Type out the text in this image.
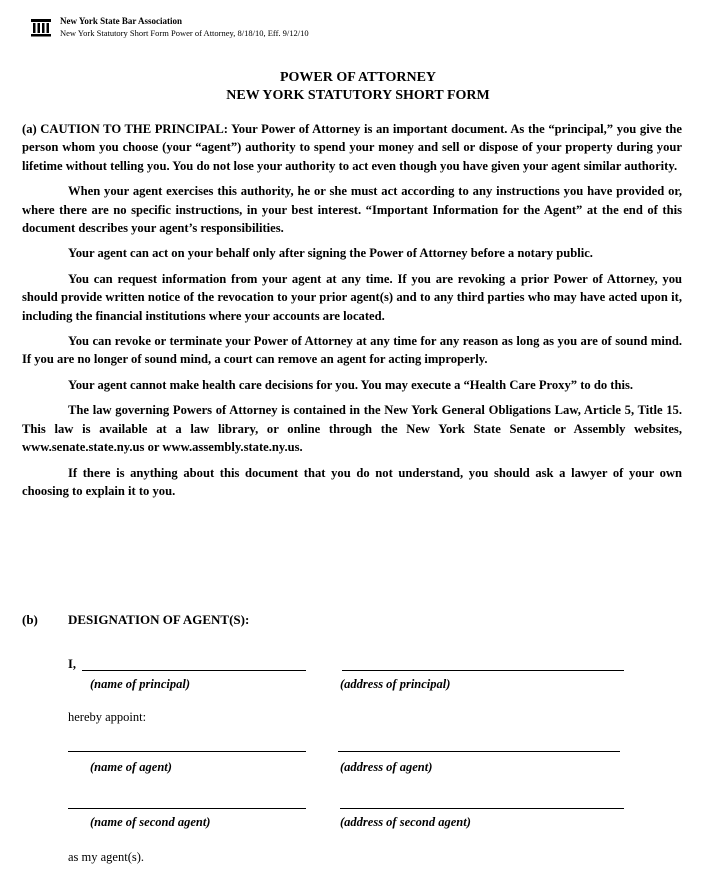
New York State Bar Association
New York Statutory Short Form Power of Attorney, 8/18/10, Eff. 9/12/10
POWER OF ATTORNEY
NEW YORK STATUTORY SHORT FORM

(a) CAUTION TO THE PRINCIPAL: Your Power of Attorney is an important document. As the “principal,” you give the person whom you choose (your “agent”) authority to spend your money and sell or dispose of your property during your lifetime without telling you. You do not lose your authority to act even though you have given your agent similar authority.

When your agent exercises this authority, he or she must act according to any instructions you have provided or, where there are no specific instructions, in your best interest. “Important Information for the Agent” at the end of this document describes your agent’s responsibilities.

Your agent can act on your behalf only after signing the Power of Attorney before a notary public.

You can request information from your agent at any time. If you are revoking a prior Power of Attorney, you should provide written notice of the revocation to your prior agent(s) and to any third parties who may have acted upon it, including the financial institutions where your accounts are located.

You can revoke or terminate your Power of Attorney at any time for any reason as long as you are of sound mind. If you are no longer of sound mind, a court can remove an agent for acting improperly.

Your agent cannot make health care decisions for you. You may execute a “Health Care Proxy” to do this.

The law governing Powers of Attorney is contained in the New York General Obligations Law, Article 5, Title 15. This law is available at a law library, or online through the New York State Senate or Assembly websites, www.senate.state.ny.us or www.assembly.state.ny.us.

If there is anything about this document that you do not understand, you should ask a lawyer of your own choosing to explain it to you.

(b) DESIGNATION OF AGENT(S):
I,
(name of principal)	(address of principal)
hereby appoint:
(name of agent)	(address of agent)
(name of second agent)	(address of second agent)
as my agent(s).
